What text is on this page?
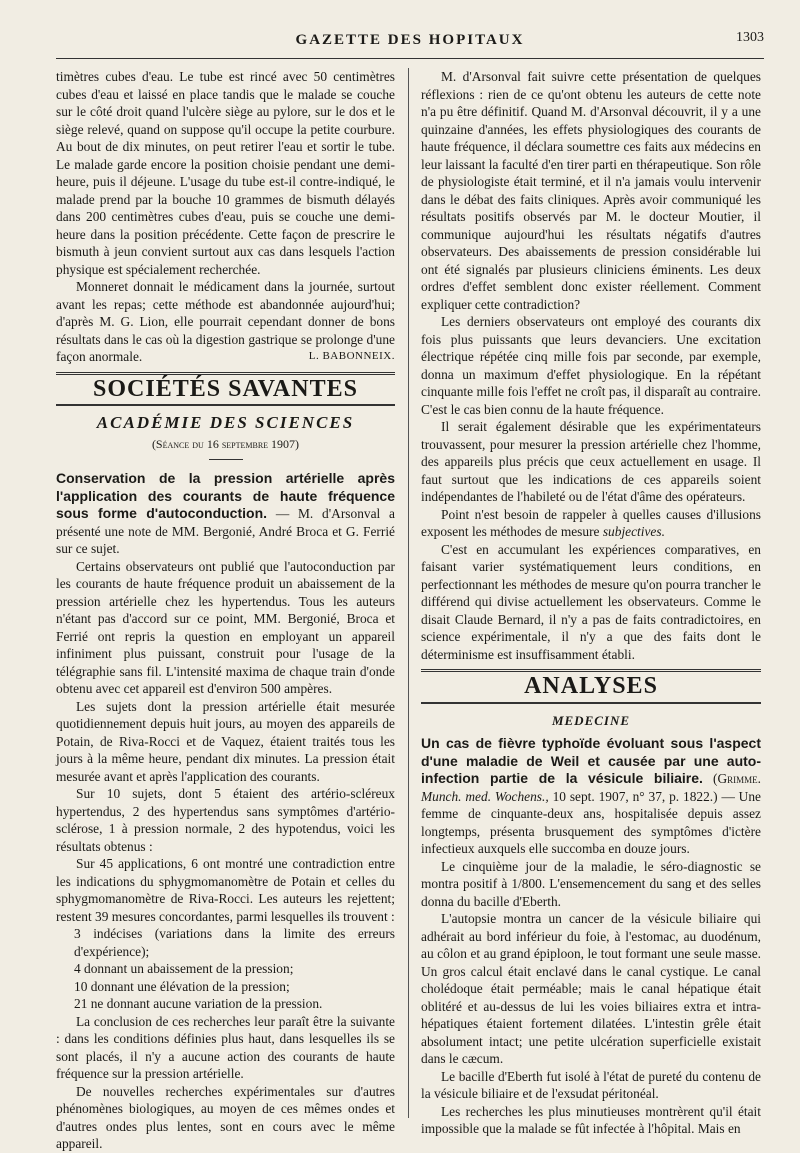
GAZETTE DES HOPITAUX	1303

timètres cubes d'eau. Le tube est rincé avec 50 centimètres cubes d'eau et laissé en place tandis que le malade se couche sur le côté droit quand l'ulcère siège au pylore, sur le dos et le siège relevé, quand on suppose qu'il occupe la petite courbure. Au bout de dix minutes, on peut retirer l'eau et sortir le tube. Le malade garde encore la position choisie pendant une demi-heure, puis il déjeune. L'usage du tube est-il contre-indiqué, le malade prend par la bouche 10 grammes de bismuth délayés dans 200 centimètres cubes d'eau, puis se couche une demi-heure dans la position précédente. Cette façon de prescrire le bismuth à jeun convient surtout aux cas dans lesquels l'action physique est spécialement recherchée.

Monneret donnait le médicament dans la journée, surtout avant les repas; cette méthode est abandonnée aujourd'hui; d'après M. G. Lion, elle pourrait cependant donner de bons résultats dans le cas où la digestion gastrique se prolonge d'une façon anormale.	L. BABONNEIX.

SOCIÉTÉS SAVANTES
ACADÉMIE DES SCIENCES
(Séance du 16 septembre 1907)

Conservation de la pression artérielle après l'application des courants de haute fréquence sous forme d'autoconduction. — M. d'Arsonval a présenté une note de MM. Bergonié, André Broca et G. Ferrié sur ce sujet.

Certains observateurs ont publié que l'autoconduction par les courants de haute fréquence produit un abaissement de la pression artérielle chez les hypertendus. Tous les auteurs n'étant pas d'accord sur ce point, MM. Bergonié, Broca et Ferrié ont repris la question en employant un appareil infiniment plus puissant, construit pour l'usage de la télégraphie sans fil. L'intensité maxima de chaque train d'onde obtenu avec cet appareil est d'environ 500 ampères.

Les sujets dont la pression artérielle était mesurée quotidiennement depuis huit jours, au moyen des appareils de Potain, de Riva-Rocci et de Vaquez, étaient traités tous les jours à la même heure, pendant dix minutes. La pression était mesurée avant et après l'application des courants.

Sur 10 sujets, dont 5 étaient des artério-scléreux hypertendus, 2 des hypertendus sans symptômes d'artério-sclérose, 1 à pression normale, 2 des hypotendus, voici les résultats obtenus :

Sur 45 applications, 6 ont montré une contradiction entre les indications du sphygmomanomètre de Potain et celles du sphygmomanomètre de Riva-Rocci. Les auteurs les rejettent; restent 39 mesures concordantes, parmi lesquelles ils trouvent :

3 indécises (variations dans la limite des erreurs d'expérience);

4 donnant un abaissement de la pression;

10 donnant une élévation de la pression;

21 ne donnant aucune variation de la pression.

La conclusion de ces recherches leur paraît être la suivante : dans les conditions définies plus haut, dans lesquelles ils se sont placés, il n'y a aucune action des courants de haute fréquence sur la pression artérielle.

De nouvelles recherches expérimentales sur d'autres phénomènes biologiques, au moyen de ces mêmes ondes et d'autres ondes plus lentes, sont en cours avec le même appareil.

M. d'Arsonval fait suivre cette présentation de quelques réflexions : rien de ce qu'ont obtenu les auteurs de cette note n'a pu être définitif. Quand M. d'Arsonval découvrit, il y a une quinzaine d'années, les effets physiologiques des courants de haute fréquence, il déclara soumettre ces faits aux médecins en leur laissant la faculté d'en tirer parti en thérapeutique. Son rôle de physiologiste était terminé, et il n'a jamais voulu intervenir dans le débat des faits cliniques. Après avoir communiqué les résultats positifs observés par M. le docteur Moutier, il communique aujourd'hui les résultats négatifs d'autres observateurs. Des abaissements de pression considérable lui ont été signalés par plusieurs cliniciens éminents. Les deux ordres d'effet semblent donc exister réellement. Comment expliquer cette contradiction?

Les derniers observateurs ont employé des courants dix fois plus puissants que leurs devanciers. Une excitation électrique répétée cinq mille fois par seconde, par exemple, donna un maximum d'effet physiologique. En la répétant cinquante mille fois l'effet ne croît pas, il disparaît au contraire. C'est le cas bien connu de la haute fréquence.

Il serait également désirable que les expérimentateurs trouvassent, pour mesurer la pression artérielle chez l'homme, des appareils plus précis que ceux actuellement en usage. Il faut surtout que les indications de ces appareils soient indépendantes de l'habileté ou de l'état d'âme des opérateurs.

Point n'est besoin de rappeler à quelles causes d'illusions exposent les méthodes de mesure subjectives.

C'est en accumulant les expériences comparatives, en faisant varier systématiquement leurs conditions, en perfectionnant les méthodes de mesure qu'on pourra trancher le différend qui divise actuellement les observateurs. Comme le disait Claude Bernard, il n'y a pas de faits contradictoires, en science expérimentale, il n'y a que des faits dont le déterminisme est insuffisamment établi.

ANALYSES
MEDECINE

Un cas de fièvre typhoïde évoluant sous l'aspect d'une maladie de Weil et causée par une auto-infection partie de la vésicule biliaire. (Grimme. Munch. med. Wochens., 10 sept. 1907, n° 37, p. 1822.) — Une femme de cinquante-deux ans, hospitalisée depuis assez longtemps, présenta brusquement des symptômes d'ictère infectieux auxquels elle succomba en douze jours.

Le cinquième jour de la maladie, le séro-diagnostic se montra positif à 1/800. L'ensemencement du sang et des selles donna du bacille d'Eberth.

L'autopsie montra un cancer de la vésicule biliaire qui adhérait au bord inférieur du foie, à l'estomac, au duodénum, au côlon et au grand épiploon, le tout formant une seule masse. Un gros calcul était enclavé dans le canal cystique. Le canal cholédoque était perméable; mais le canal hépatique était oblitéré et au-dessus de lui les voies biliaires extra et intra-hépatiques étaient fortement dilatées. L'intestin grêle était absolument intact; une petite ulcération superficielle existait dans le cæcum.

Le bacille d'Eberth fut isolé à l'état de pureté du contenu de la vésicule biliaire et de l'exsudat péritonéal.

Les recherches les plus minutieuses montrèrent qu'il était impossible que la malade se fût infectée à l'hôpital. Mais en
